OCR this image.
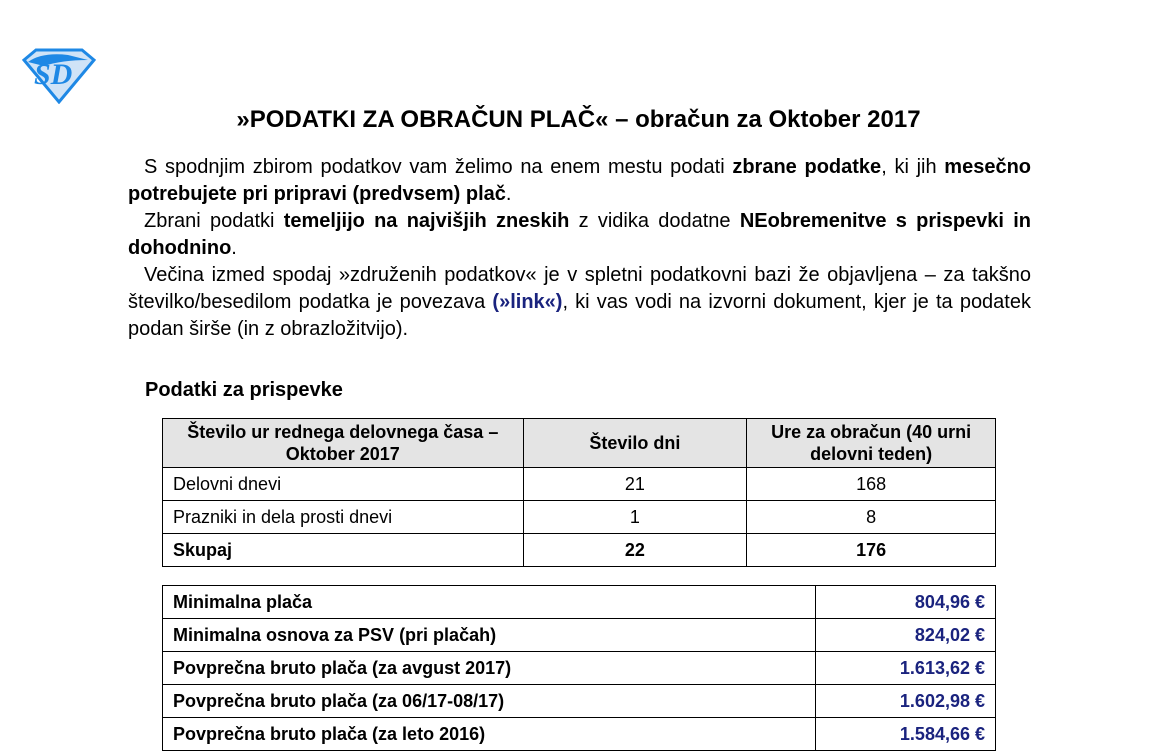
SD
»PODATKI ZA OBRAČUN PLAČ« – obračun za Oktober 2017

S spodnjim zbirom podatkov vam želimo na enem mestu podati zbrane podatke, ki jih mesečno potrebujete pri pripravi (predvsem) plač.

Zbrani podatki temeljijo na najvišjih zneskih z vidika dodatne NEobremenitve s prispevki in dohodnino.

Večina izmed spodaj »združenih podatkov« je v spletni podatkovni bazi že objavljena – za takšno številko/besedilom podatka je povezava (»link«), ki vas vodi na izvorni dokument, kjer je ta podatek podan širše (in z obrazložitvijo).

Podatki za prispevke
Število ur rednega delovnega časa – Oktober 2017	Število dni	Ure za obračun (40 urni delovni teden)
Delovni dnevi	21	168
Prazniki in dela prosti dnevi	1	8
Skupaj	22	176
Minimalna plača	804,96 €
Minimalna osnova za PSV (pri plačah)	824,02 €
Povprečna bruto plača (za avgust 2017)	1.613,62 €
Povprečna bruto plača (za 06/17-08/17)	1.602,98 €
Povprečna bruto plača (za leto 2016)	1.584,66 €
